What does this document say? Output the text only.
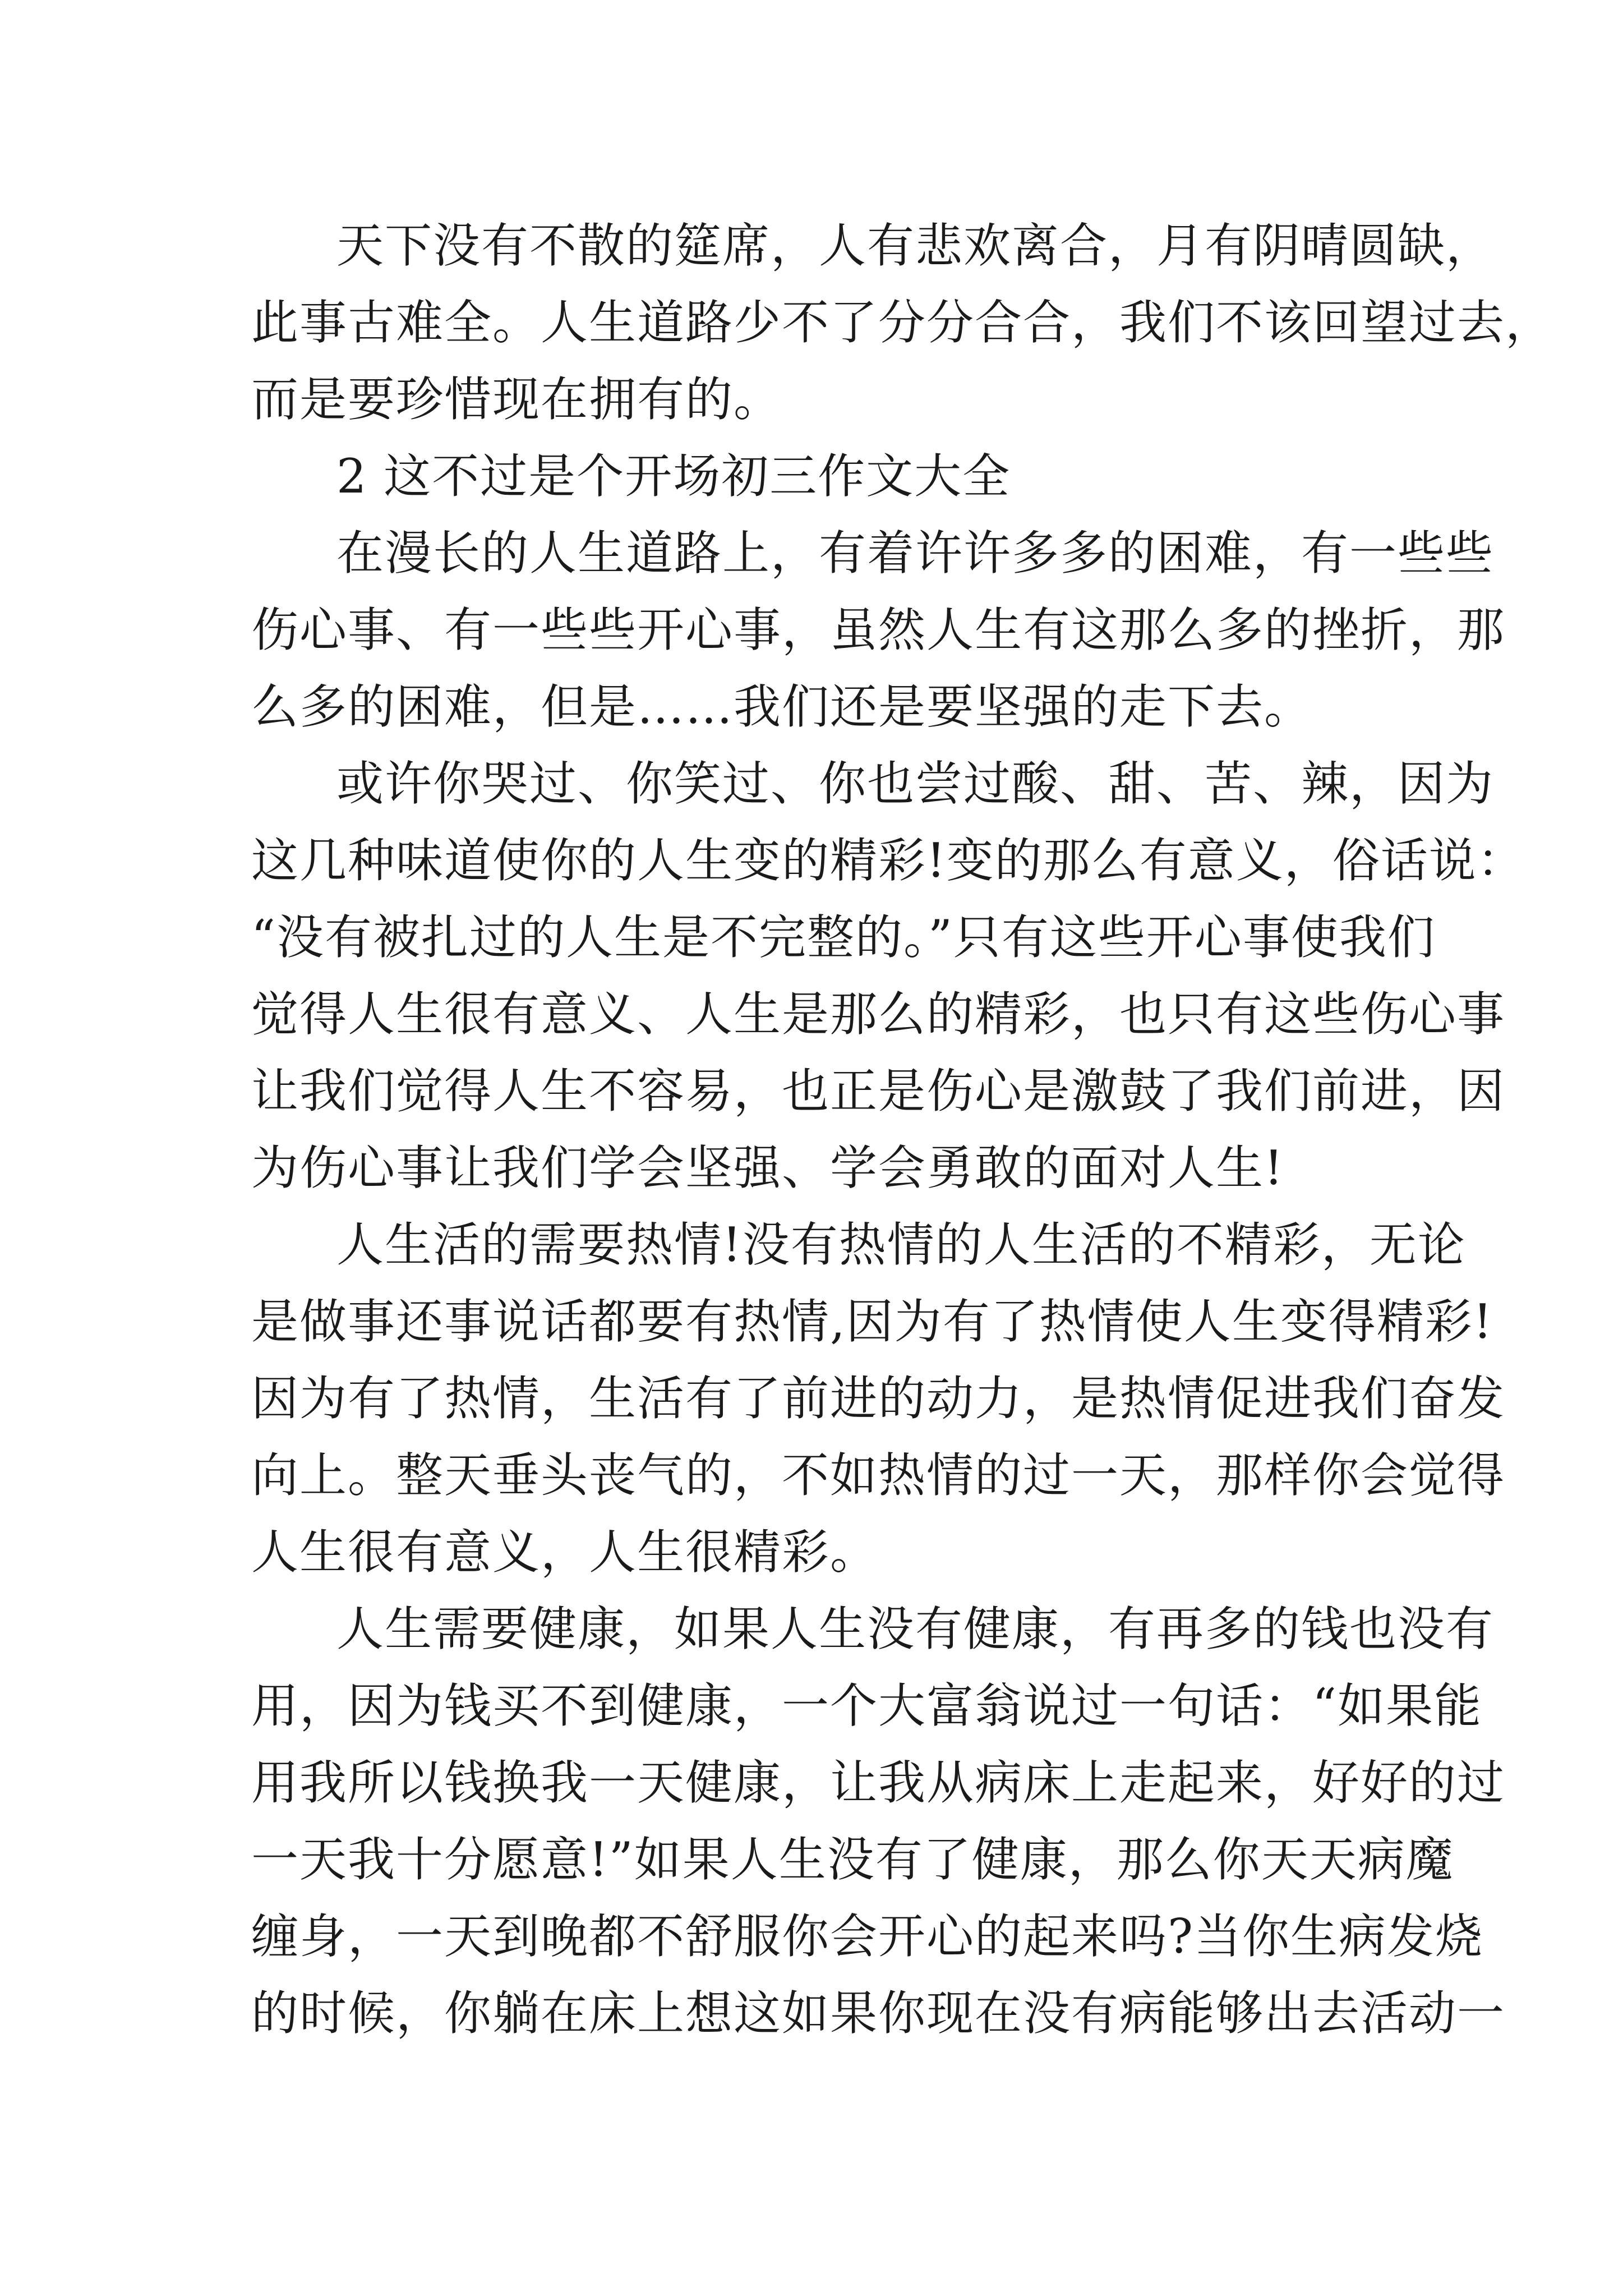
天下没有不散的筵席，人有悲欢离合，月有阴晴圆缺，
此事古难全。人生道路少不了分分合合，我们不该回望过去，
而是要珍惜现在拥有的。
2 这不过是个开场初三作文大全
在漫长的人生道路上，有着许许多多的困难，有一些些
伤心事、有一些些开心事，虽然人生有这那么多的挫折，那
么多的困难，但是……我们还是要坚强的走下去。
或许你哭过、你笑过、你也尝过酸、甜、苦、辣，因为
这几种味道使你的人生变的精彩!变的那么有意义，俗话说：
“没有被扎过的人生是不完整的。”只有这些开心事使我们
觉得人生很有意义、人生是那么的精彩，也只有这些伤心事
让我们觉得人生不容易，也正是伤心是激鼓了我们前进，因
为伤心事让我们学会坚强、学会勇敢的面对人生!
人生活的需要热情!没有热情的人生活的不精彩，无论
是做事还事说话都要有热情,因为有了热情使人生变得精彩!
因为有了热情，生活有了前进的动力，是热情促进我们奋发
向上。整天垂头丧气的，不如热情的过一天，那样你会觉得
人生很有意义，人生很精彩。
人生需要健康，如果人生没有健康，有再多的钱也没有
用，因为钱买不到健康，一个大富翁说过一句话：“如果能
用我所以钱换我一天健康，让我从病床上走起来，好好的过
一天我十分愿意!”如果人生没有了健康，那么你天天病魔
缠身，一天到晚都不舒服你会开心的起来吗?当你生病发烧
的时候，你躺在床上想这如果你现在没有病能够出去活动一
